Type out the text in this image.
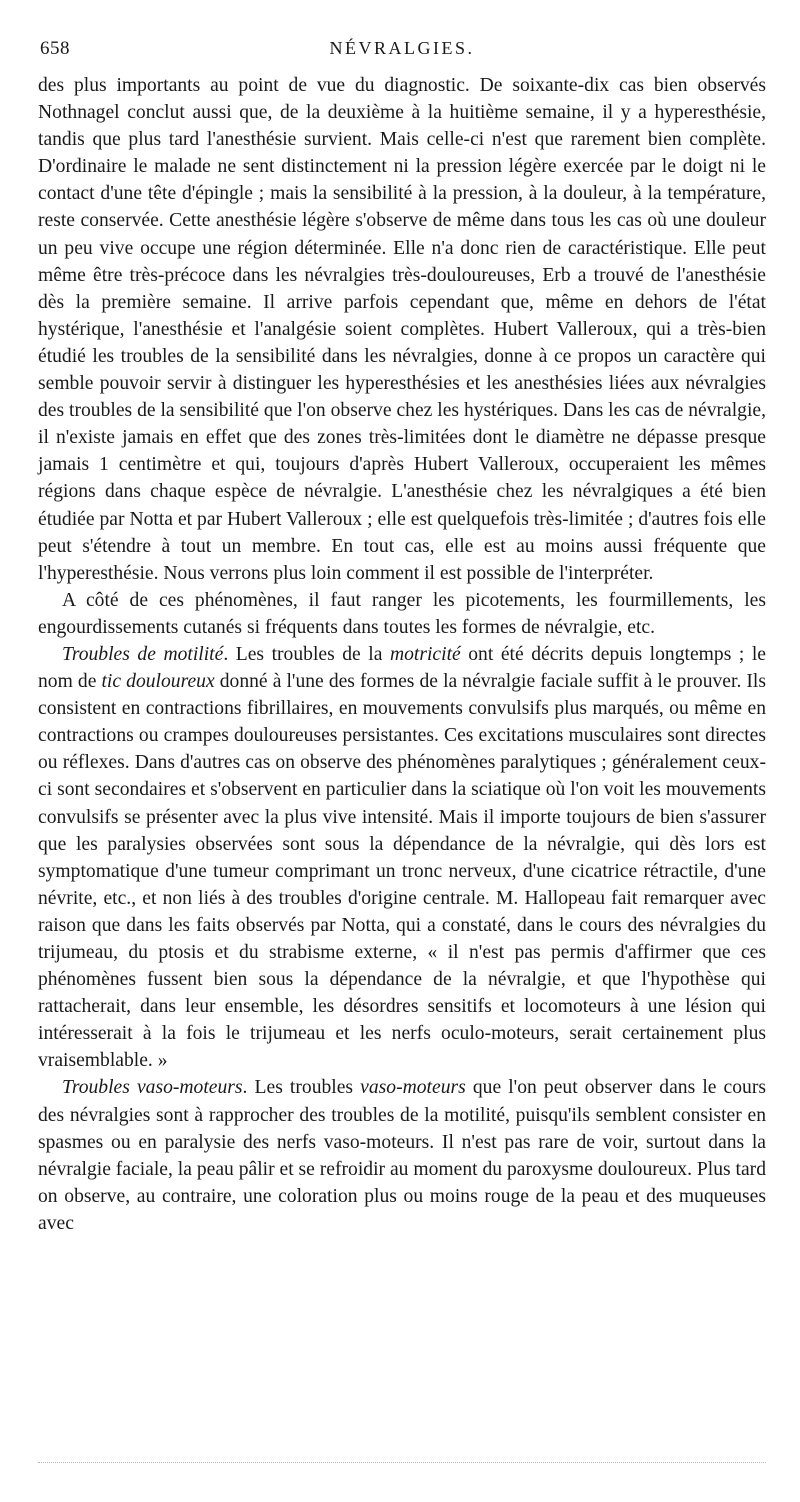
658	NÉVRALGIES.

des plus importants au point de vue du diagnostic. De soixante-dix cas bien observés Nothnagel conclut aussi que, de la deuxième à la huitième semaine, il y a hyperesthésie, tandis que plus tard l'anesthésie survient. Mais celle-ci n'est que rarement bien complète. D'ordinaire le malade ne sent distinctement ni la pression légère exercée par le doigt ni le contact d'une tête d'épingle ; mais la sensibilité à la pression, à la douleur, à la température, reste conservée. Cette anesthésie légère s'observe de même dans tous les cas où une douleur un peu vive occupe une région déterminée. Elle n'a donc rien de caractéristique. Elle peut même être très-précoce dans les névralgies très-douloureuses, Erb a trouvé de l'anesthésie dès la première semaine. Il arrive parfois cependant que, même en dehors de l'état hystérique, l'anesthésie et l'analgésie soient complètes. Hubert Valleroux, qui a très-bien étudié les troubles de la sensibilité dans les névralgies, donne à ce propos un caractère qui semble pouvoir servir à distinguer les hyperesthésies et les anesthésies liées aux névralgies des troubles de la sensibilité que l'on observe chez les hystériques. Dans les cas de névralgie, il n'existe jamais en effet que des zones très-limitées dont le diamètre ne dépasse presque jamais 1 centimètre et qui, toujours d'après Hubert Valleroux, occuperaient les mêmes régions dans chaque espèce de névralgie. L'anesthésie chez les névralgiques a été bien étudiée par Notta et par Hubert Valleroux ; elle est quelquefois très-limitée ; d'autres fois elle peut s'étendre à tout un membre. En tout cas, elle est au moins aussi fréquente que l'hyperesthésie. Nous verrons plus loin comment il est possible de l'interpréter.

A côté de ces phénomènes, il faut ranger les picotements, les fourmillements, les engourdissements cutanés si fréquents dans toutes les formes de névralgie, etc.

Troubles de motilité. Les troubles de la motricité ont été décrits depuis longtemps ; le nom de tic douloureux donné à l'une des formes de la névralgie faciale suffit à le prouver. Ils consistent en contractions fibrillaires, en mouvements convulsifs plus marqués, ou même en contractions ou crampes douloureuses persistantes. Ces excitations musculaires sont directes ou réflexes. Dans d'autres cas on observe des phénomènes paralytiques ; généralement ceux-ci sont secondaires et s'observent en particulier dans la sciatique où l'on voit les mouvements convulsifs se présenter avec la plus vive intensité. Mais il importe toujours de bien s'assurer que les paralysies observées sont sous la dépendance de la névralgie, qui dès lors est symptomatique d'une tumeur comprimant un tronc nerveux, d'une cicatrice rétractile, d'une névrite, etc., et non liés à des troubles d'origine centrale. M. Hallopeau fait remarquer avec raison que dans les faits observés par Notta, qui a constaté, dans le cours des névralgies du trijumeau, du ptosis et du strabisme externe, « il n'est pas permis d'affirmer que ces phénomènes fussent bien sous la dépendance de la névralgie, et que l'hypothèse qui rattacherait, dans leur ensemble, les désordres sensitifs et locomoteurs à une lésion qui intéresserait à la fois le trijumeau et les nerfs oculo-moteurs, serait certainement plus vraisemblable. »

Troubles vaso-moteurs. Les troubles vaso-moteurs que l'on peut observer dans le cours des névralgies sont à rapprocher des troubles de la motilité, puisqu'ils semblent consister en spasmes ou en paralysie des nerfs vaso-moteurs. Il n'est pas rare de voir, surtout dans la névralgie faciale, la peau pâlir et se refroidir au moment du paroxysme douloureux. Plus tard on observe, au contraire, une coloration plus ou moins rouge de la peau et des muqueuses avec
